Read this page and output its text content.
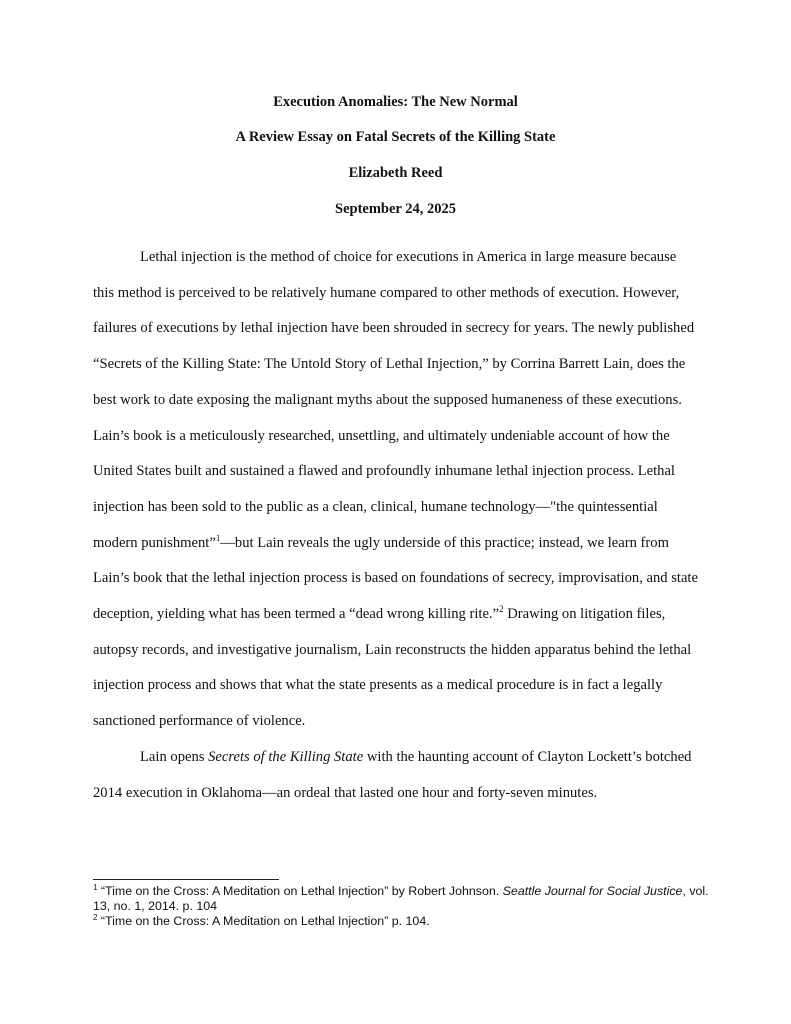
Execution Anomalies: The New Normal
A Review Essay on Fatal Secrets of the Killing State
Elizabeth Reed
September 24, 2025

Lethal injection is the method of choice for executions in America in large measure because this method is perceived to be relatively humane compared to other methods of execution. However, failures of executions by lethal injection have been shrouded in secrecy for years. The newly published “Secrets of the Killing State: The Untold Story of Lethal Injection,” by Corrina Barrett Lain, does the best work to date exposing the malignant myths about the supposed humaneness of these executions. Lain’s book is a meticulously researched, unsettling, and ultimately undeniable account of how the United States built and sustained a flawed and profoundly inhumane lethal injection process. Lethal injection has been sold to the public as a clean, clinical, humane technology—"the quintessential modern punishment”$^1$—but Lain reveals the ugly underside of this practice; instead, we learn from Lain’s book that the lethal injection process is based on foundations of secrecy, improvisation, and state deception, yielding what has been termed a “dead wrong killing rite.”$^2$ Drawing on litigation files, autopsy records, and investigative journalism, Lain reconstructs the hidden apparatus behind the lethal injection process and shows that what the state presents as a medical procedure is in fact a legally sanctioned performance of violence.

Lain opens Secrets of the Killing State with the haunting account of Clayton Lockett’s botched 2014 execution in Oklahoma—an ordeal that lasted one hour and forty-seven minutes.

$^1$ “Time on the Cross: A Meditation on Lethal Injection” by Robert Johnson. Seattle Journal for Social Justice, vol. 13, no. 1, 2014. p. 104

$^2$ “Time on the Cross: A Meditation on Lethal Injection” p. 104.
